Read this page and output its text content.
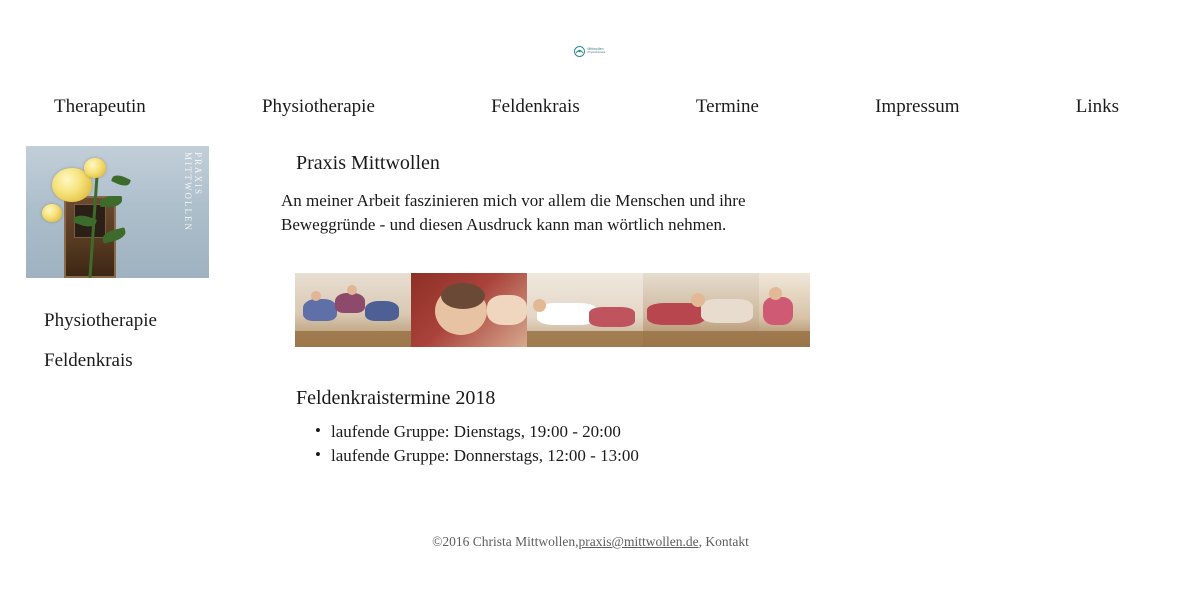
Mittwollen
Physiotherapie
Therapeutin	Physiotherapie	Feldenkrais	Termine	Impressum	Links
PRAXIS MITTWOLLEN
Physiotherapie
Feldenkrais
Praxis Mittwollen

An meiner Arbeit faszinieren mich vor allem die Menschen und ihre Beweggründe - und diesen Ausdruck kann man wörtlich nehmen.

Feldenkraistermine 2018
• laufende Gruppe: Dienstags, 19:00 - 20:00
• laufende Gruppe: Donnerstags, 12:00 - 13:00
©2016 Christa Mittwollen,praxis@mittwollen.de, Kontakt
